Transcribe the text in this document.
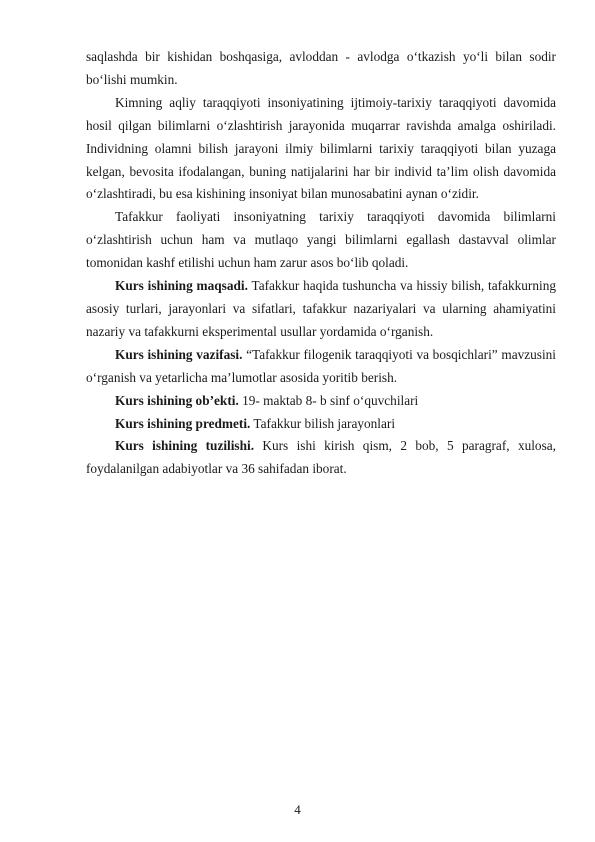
saqlashda bir kishidan boshqasiga, avloddan - avlodga o‘tkazish yo‘li bilan sodir bo‘lishi mumkin.

Kimning aqliy taraqqiyoti insoniyatining ijtimoiy-tarixiy taraqqiyoti davomida hosil qilgan bilimlarni o‘zlashtirish jarayonida muqarrar ravishda amalga oshiriladi. Individning olamni bilish jarayoni ilmiy bilimlarni tarixiy taraqqiyoti bilan yuzaga kelgan, bevosita ifodalangan, buning natijalarini har bir individ ta’lim olish davomida o‘zlashtiradi, bu esa kishining insoniyat bilan munosabatini aynan o‘zidir.

Tafakkur faoliyati insoniyatning tarixiy taraqqiyoti davomida bilimlarni o‘zlashtirish uchun ham va mutlaqo yangi bilimlarni egallash dastavval olimlar tomonidan kashf etilishi uchun ham zarur asos bo‘lib qoladi.

Kurs ishining maqsadi. Tafakkur haqida tushuncha va hissiy bilish, tafakkurning asosiy turlari, jarayonlari va sifatlari, tafakkur nazariyalari va ularning ahamiyatini nazariy va tafakkurni eksperimental usullar yordamida o‘rganish.

Kurs ishining vazifasi. “Tafakkur filogenik taraqqiyoti va bosqichlari” mavzusini o‘rganish va yetarlicha ma’lumotlar asosida yoritib berish.

Kurs ishining ob’ekti. 19- maktab 8- b sinf o‘quvchilari

Kurs ishining predmeti. Tafakkur bilish jarayonlari

Kurs ishining tuzilishi. Kurs ishi kirish qism, 2 bob, 5 paragraf, xulosa, foydalanilgan adabiyotlar va 36 sahifadan iborat.

4
